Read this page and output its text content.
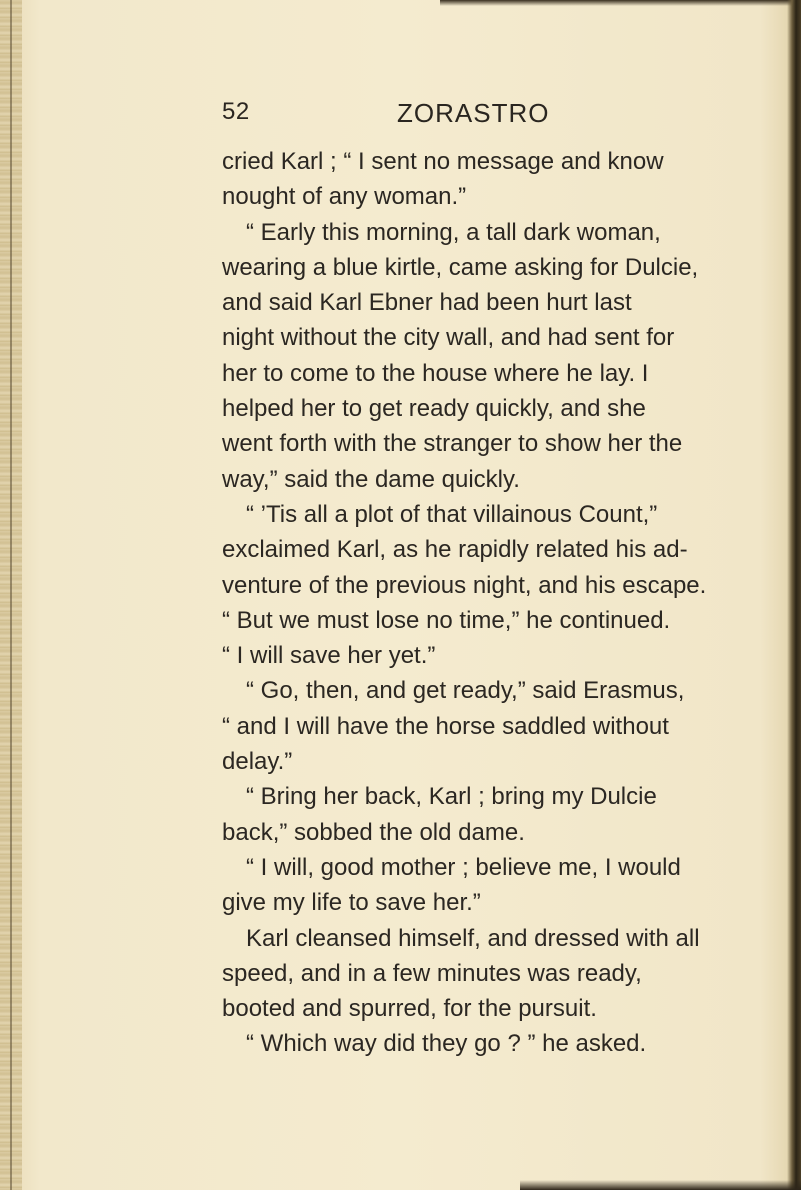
52	ZORASTRO
cried Karl ; “ I sent no message and know
nought of any woman.”
“ Early this morning, a tall dark woman,
wearing a blue kirtle, came asking for Dulcie,
and said Karl Ebner had been hurt last
night without the city wall, and had sent for
her to come to the house where he lay. I
helped her to get ready quickly, and she
went forth with the stranger to show her the
way,” said the dame quickly.
“ ’Tis all a plot of that villainous Count,”
exclaimed Karl, as he rapidly related his ad-
venture of the previous night, and his escape.
“ But we must lose no time,” he continued.
“ I will save her yet.”
“ Go, then, and get ready,” said Erasmus,
“ and I will have the horse saddled without
delay.”
“ Bring her back, Karl ; bring my Dulcie
back,” sobbed the old dame.
“ I will, good mother ; believe me, I would
give my life to save her.”
Karl cleansed himself, and dressed with all
speed, and in a few minutes was ready,
booted and spurred, for the pursuit.
“ Which way did they go ? ” he asked.
